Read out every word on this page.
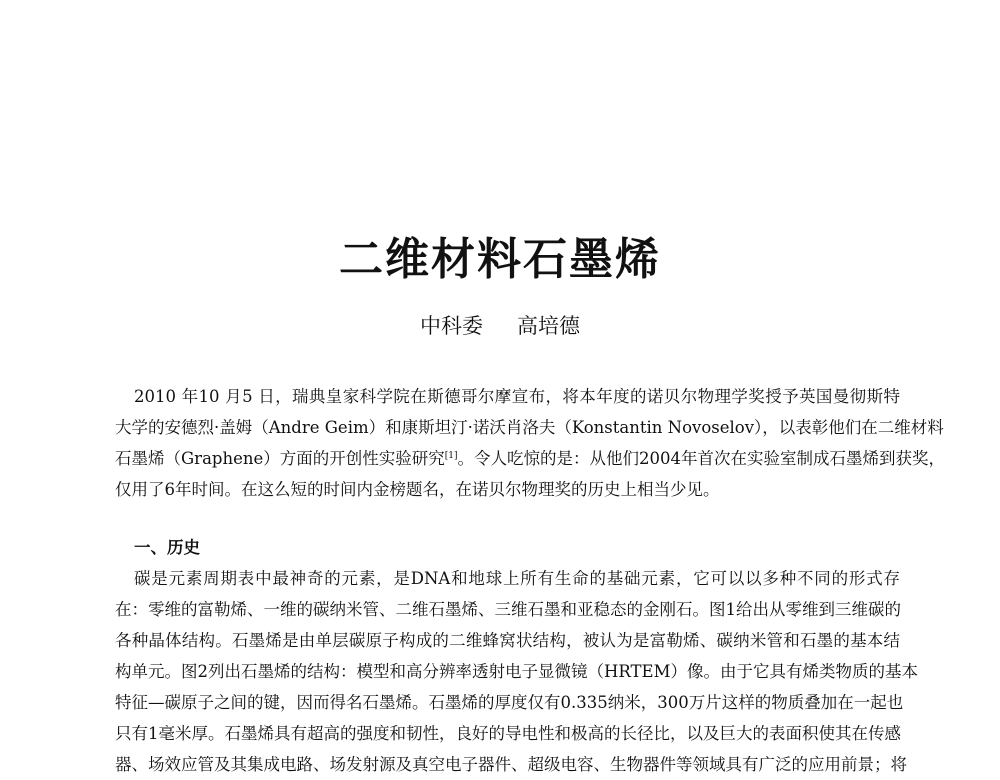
二维材料石墨烯
中科委 高培德
2010 年10 月5 日，瑞典皇家科学院在斯德哥尔摩宣布，将本年度的诺贝尔物理学奖授予英国曼彻斯特
大学的安德烈·盖姆（Andre Geim）和康斯坦汀·诺沃肖洛夫（Konstantin Novoselov），以表彰他们在二维材料
石墨烯（Graphene）方面的开创性实验研究[1]。令人吃惊的是：从他们2004年首次在实验室制成石墨烯到获奖，
仅用了6年时间。在这么短的时间内金榜题名，在诺贝尔物理奖的历史上相当少见。
一、历史
碳是元素周期表中最神奇的元素，是DNA和地球上所有生命的基础元素，它可以以多种不同的形式存
在：零维的富勒烯、一维的碳纳米管、二维石墨烯、三维石墨和亚稳态的金刚石。图1给出从零维到三维碳的
各种晶体结构。石墨烯是由单层碳原子构成的二维蜂窝状结构，被认为是富勒烯、碳纳米管和石墨的基本结
构单元。图2列出石墨烯的结构：模型和高分辨率透射电子显微镜（HRTEM）像。由于它具有烯类物质的基本
特征—碳原子之间的键，因而得名石墨烯。石墨烯的厚度仅有0.335纳米，300万片这样的物质叠加在一起也
只有1毫米厚。石墨烯具有超高的强度和韧性，良好的导电性和极高的长径比，以及巨大的表面积使其在传感
器、场效应管及其集成电路、场发射源及真空电子器件、超级电容、生物器件等领域具有广泛的应用前景；将
